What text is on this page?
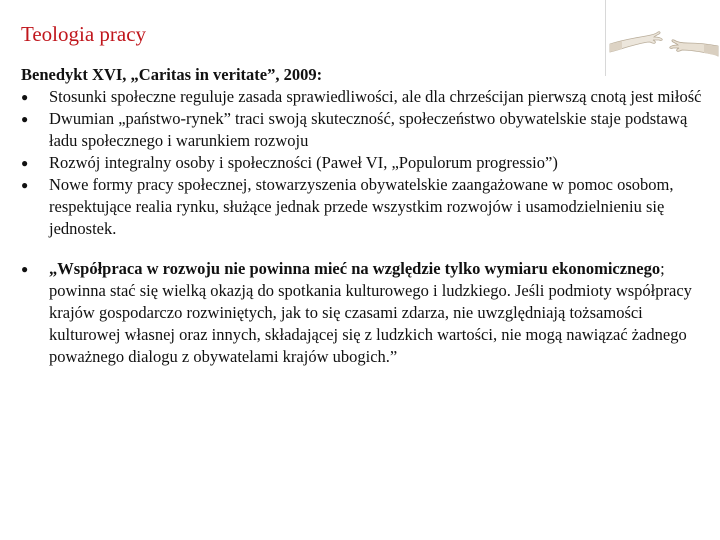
Teologia pracy
Benedykt XVI, „Caritas in veritate”, 2009:
● Stosunki społeczne reguluje zasada sprawiedliwości, ale dla chrześcijan pierwszą cnotą jest miłość
● Dwumian „państwo-rynek” traci swoją skuteczność, społeczeństwo obywatelskie staje podstawą ładu społecznego i warunkiem rozwoju
● Rozwój integralny osoby i społeczności (Paweł VI, „Populorum progressio”)
● Nowe formy pracy społecznej, stowarzyszenia obywatelskie zaangażowane w pomoc osobom, respektujące realia rynku, służące jednak przede wszystkim rozwojów i usamodzielnieniu się jednostek.
● „Współpraca w rozwoju nie powinna mieć na względzie tylko wymiaru ekonomicznego; powinna stać się wielką okazją do spotkania kulturowego i ludzkiego. Jeśli podmioty współpracy krajów gospodarczo rozwiniętych, jak to się czasami zdarza, nie uwzględniają tożsamości kulturowej własnej oraz innych, składającej się z ludzkich wartości, nie mogą nawiązać żadnego poważnego dialogu z obywatelami krajów ubogich.”
